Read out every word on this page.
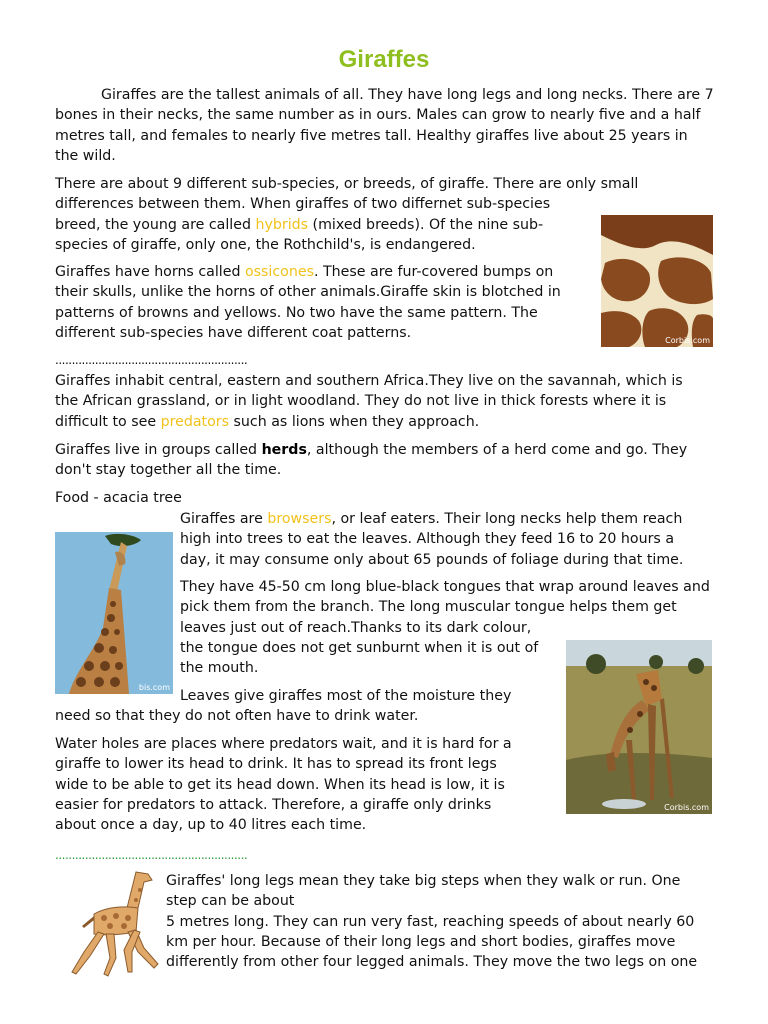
Giraffes

Giraffes are the tallest animals of all. They have long legs and long necks. There are 7 bones in their necks, the same number as in ours. Males can grow to nearly five and a half metres tall, and females to nearly five metres tall. Healthy giraffes live about 25 years in the wild.

There are about 9 different sub-species, or breeds, of giraffe. There are only small
differences between them. When giraffes of two differnet sub-species
breed, the young are called hybrids (mixed breeds). Of the nine sub-
species of giraffe, only one, the Rothchild's, is endangered.
Corbis.com
Giraffes have horns called ossicones. These are fur-covered bumps on
their skulls, unlike the horns of other animals.Giraffe skin is blotched in
patterns of browns and yellows. No two have the same pattern. The
different sub-species have different coat patterns.
..........................................................
Giraffes inhabit central, eastern and southern Africa.They live on the savannah, which is
the African grassland, or in light woodland. They do not live in thick forests where it is
difficult to see predators such as lions when they approach.
Giraffes live in groups called herds, although the members of a herd come and go. They
don't stay together all the time.
Food - acacia tree
bis.com
Giraffes are browsers, or leaf eaters. Their long necks help them reach
high into trees to eat the leaves. Although they feed 16 to 20 hours a
day, it may consume only about 65 pounds of foliage during that time.
They have 45-50 cm long blue-black tongues that wrap around leaves and
pick them from the branch. The long muscular tongue helps them get
leaves just out of reach.Thanks to its dark colour,
the tongue does not get sunburnt when it is out of
the mouth.
Corbis.com
Leaves give giraffes most of the moisture they
need so that they do not often have to drink water.
Water holes are places where predators wait, and it is hard for a
giraffe to lower its head to drink. It has to spread its front legs
wide to be able to get its head down. When its head is low, it is
easier for predators to attack. Therefore, a giraffe only drinks
about once a day, up to 40 litres each time.
..........................................................
Giraffes' long legs mean they take big steps when they walk or run. One
step can be about
5 metres long. They can run very fast, reaching speeds of about nearly 60
km per hour. Because of their long legs and short bodies, giraffes move
differently from other four legged animals. They move the two legs on one
